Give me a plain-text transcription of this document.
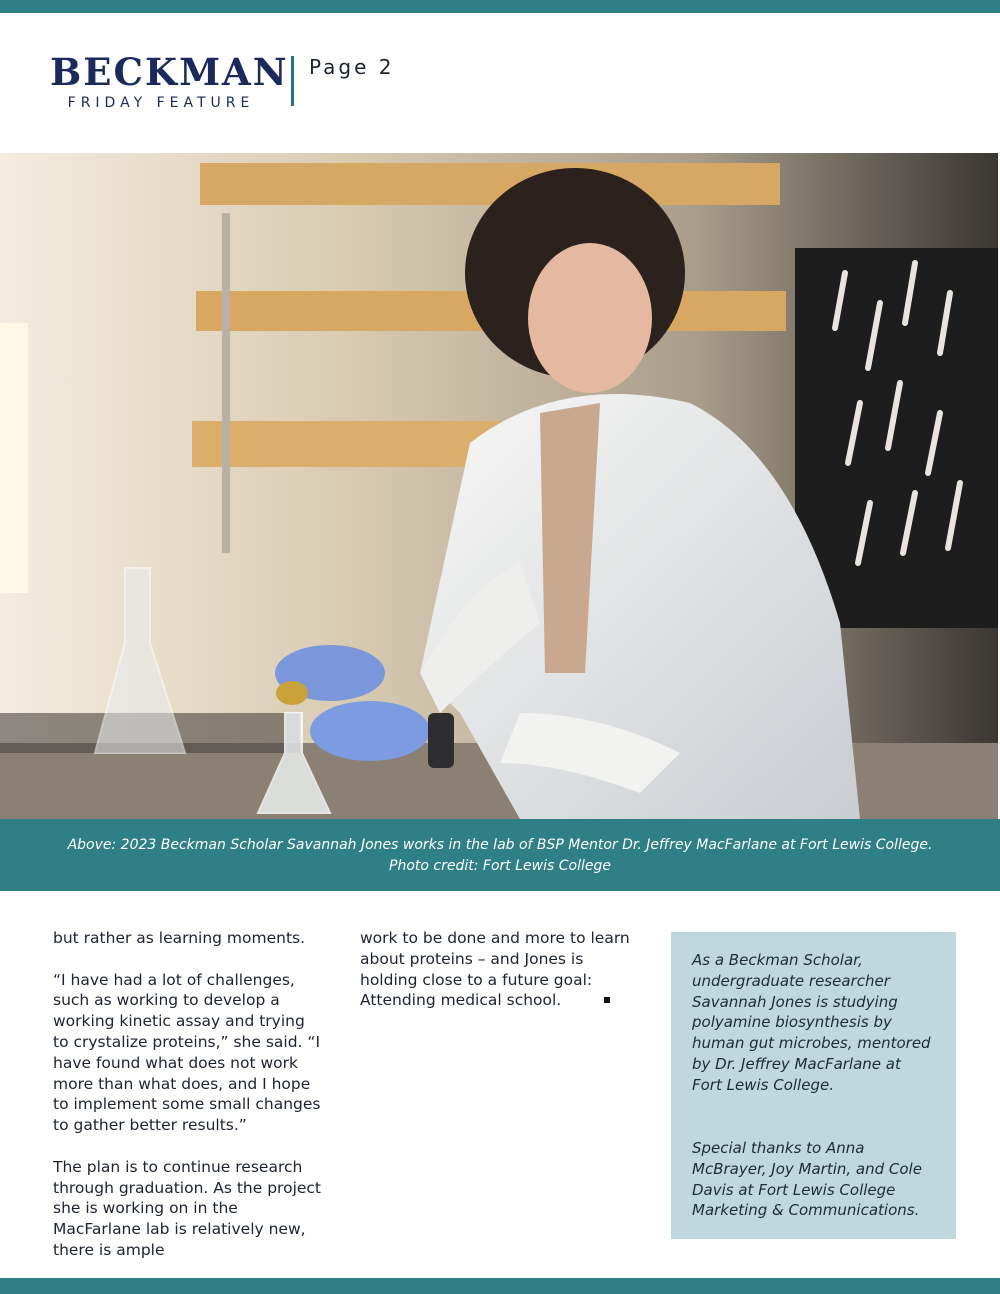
BECKMAN
FRIDAY FEATURE
Page 2
Above: 2023 Beckman Scholar Savannah Jones works in the lab of BSP Mentor Dr. Jeffrey MacFarlane at Fort Lewis College.
Photo credit: Fort Lewis College

but rather as learning moments.

“I have had a lot of challenges, such as working to develop a working kinetic assay and trying to crystalize proteins,” she said. “I have found what does not work more than what does, and I hope to implement some small changes to gather better results.”

The plan is to continue research through graduation. As the project she is working on in the MacFarlane lab is relatively new, there is ample

work to be done and more to learn about proteins – and Jones is holding close to a future goal: Attending medical school.

As a Beckman Scholar, undergraduate researcher Savannah Jones is studying polyamine biosynthesis by human gut microbes, mentored by Dr. Jeffrey MacFarlane at Fort Lewis College.

Special thanks to Anna McBrayer, Joy Martin, and Cole Davis at Fort Lewis College Marketing & Communications.
